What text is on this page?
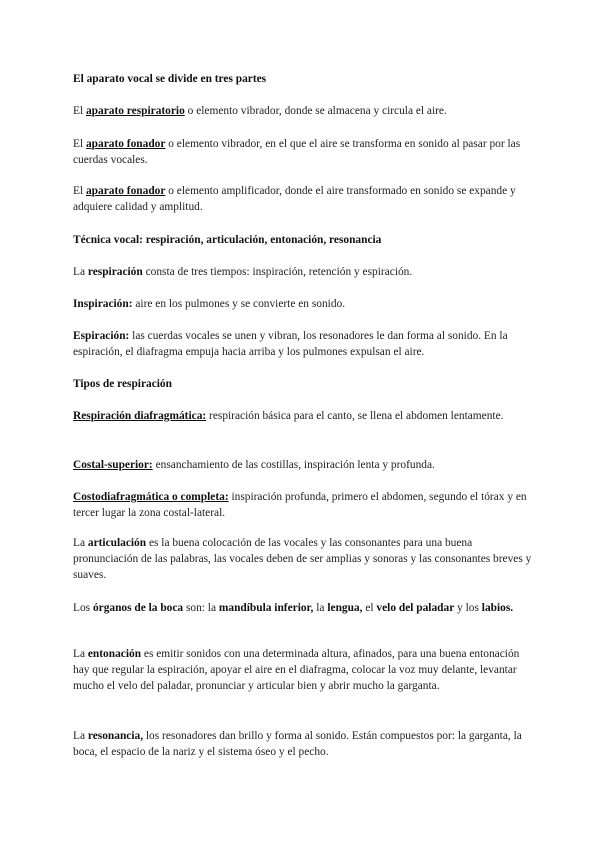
El aparato vocal se divide en tres partes

El aparato respiratorio o elemento vibrador, donde se almacena y circula el aire.

El aparato fonador o elemento vibrador, en el que el aire se transforma en sonido al pasar por las cuerdas vocales.

El aparato fonador o elemento amplificador, donde el aire transformado en sonido se expande y adquiere calidad y amplitud.

Técnica vocal: respiración, articulación, entonación, resonancia

La respiración consta de tres tiempos: inspiración, retención y espiración.

Inspiración: aire en los pulmones y se convierte en sonido.

Espiración: las cuerdas vocales se unen y vibran, los resonadores le dan forma al sonido. En la espiración, el diafragma empuja hacia arriba y los pulmones expulsan el aire.

Tipos de respiración

Respiración diafragmática: respiración básica para el canto, se llena el abdomen lentamente.

Costal-superior: ensanchamiento de las costillas, inspiración lenta y profunda.

Costodiafragmática o completa: inspiración profunda, primero el abdomen, segundo el tórax y en tercer lugar la zona costal-lateral.

La articulación es la buena colocación de las vocales y las consonantes para una buena pronunciación de las palabras, las vocales deben de ser amplias y sonoras y las consonantes breves y suaves.

Los órganos de la boca son: la mandíbula inferior, la lengua, el velo del paladar y los labios.

La entonación es emitir sonidos con una determinada altura, afinados, para una buena entonación hay que regular la espiración, apoyar el aire en el diafragma, colocar la voz muy delante, levantar mucho el velo del paladar, pronunciar y articular bien y abrir mucho la garganta.

La resonancia, los resonadores dan brillo y forma al sonido. Están compuestos por: la garganta, la boca, el espacio de la nariz y el sistema óseo y el pecho.
